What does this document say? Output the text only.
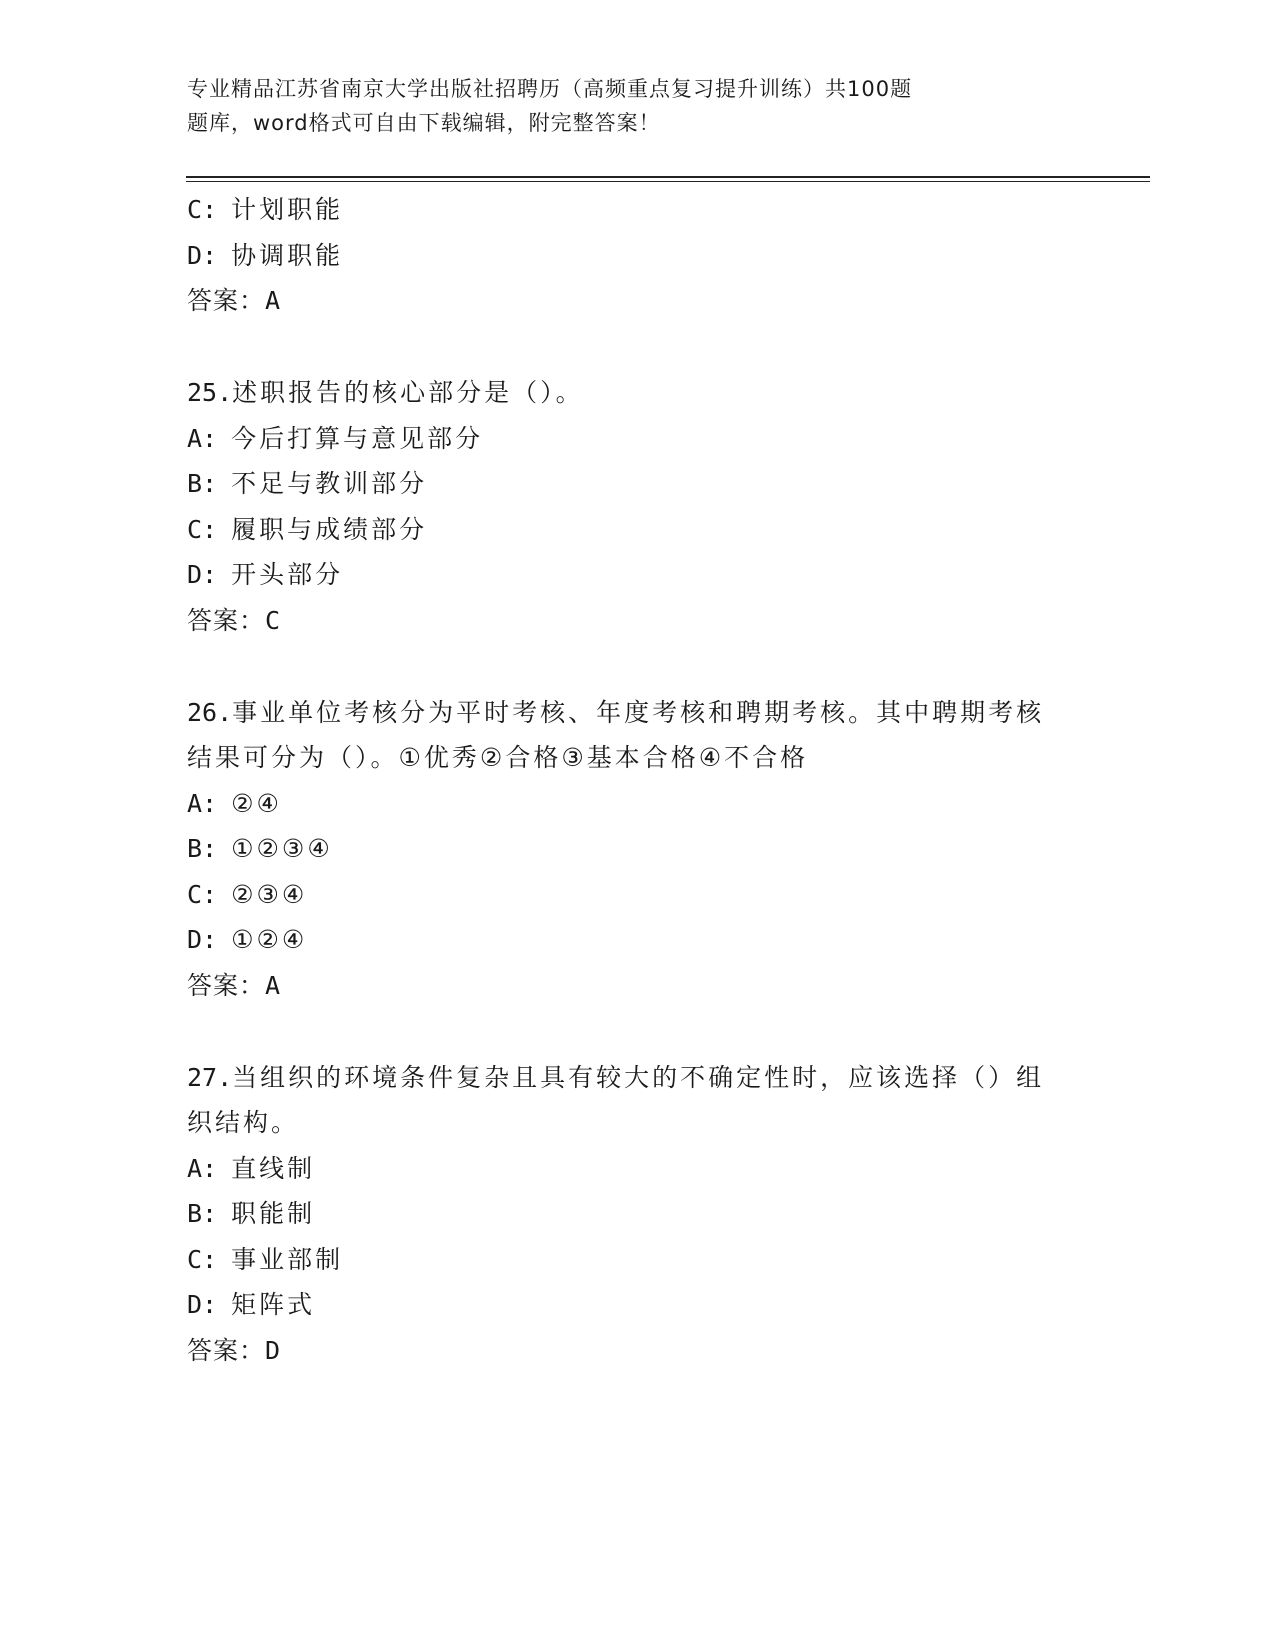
专业精品江苏省南京大学出版社招聘历（高频重点复习提升训练）共100题
题库，word格式可自由下载编辑，附完整答案！
C: 计划职能
D: 协调职能
答案：A
25.述职报告的核心部分是（）。
A: 今后打算与意见部分
B: 不足与教训部分
C: 履职与成绩部分
D: 开头部分
答案：C
26.事业单位考核分为平时考核、年度考核和聘期考核。其中聘期考核
结果可分为（）。①优秀②合格③基本合格④不合格
A: ②④
B: ①②③④
C: ②③④
D: ①②④
答案：A
27.当组织的环境条件复杂且具有较大的不确定性时，应该选择（）组
织结构。
A: 直线制
B: 职能制
C: 事业部制
D: 矩阵式
答案：D
